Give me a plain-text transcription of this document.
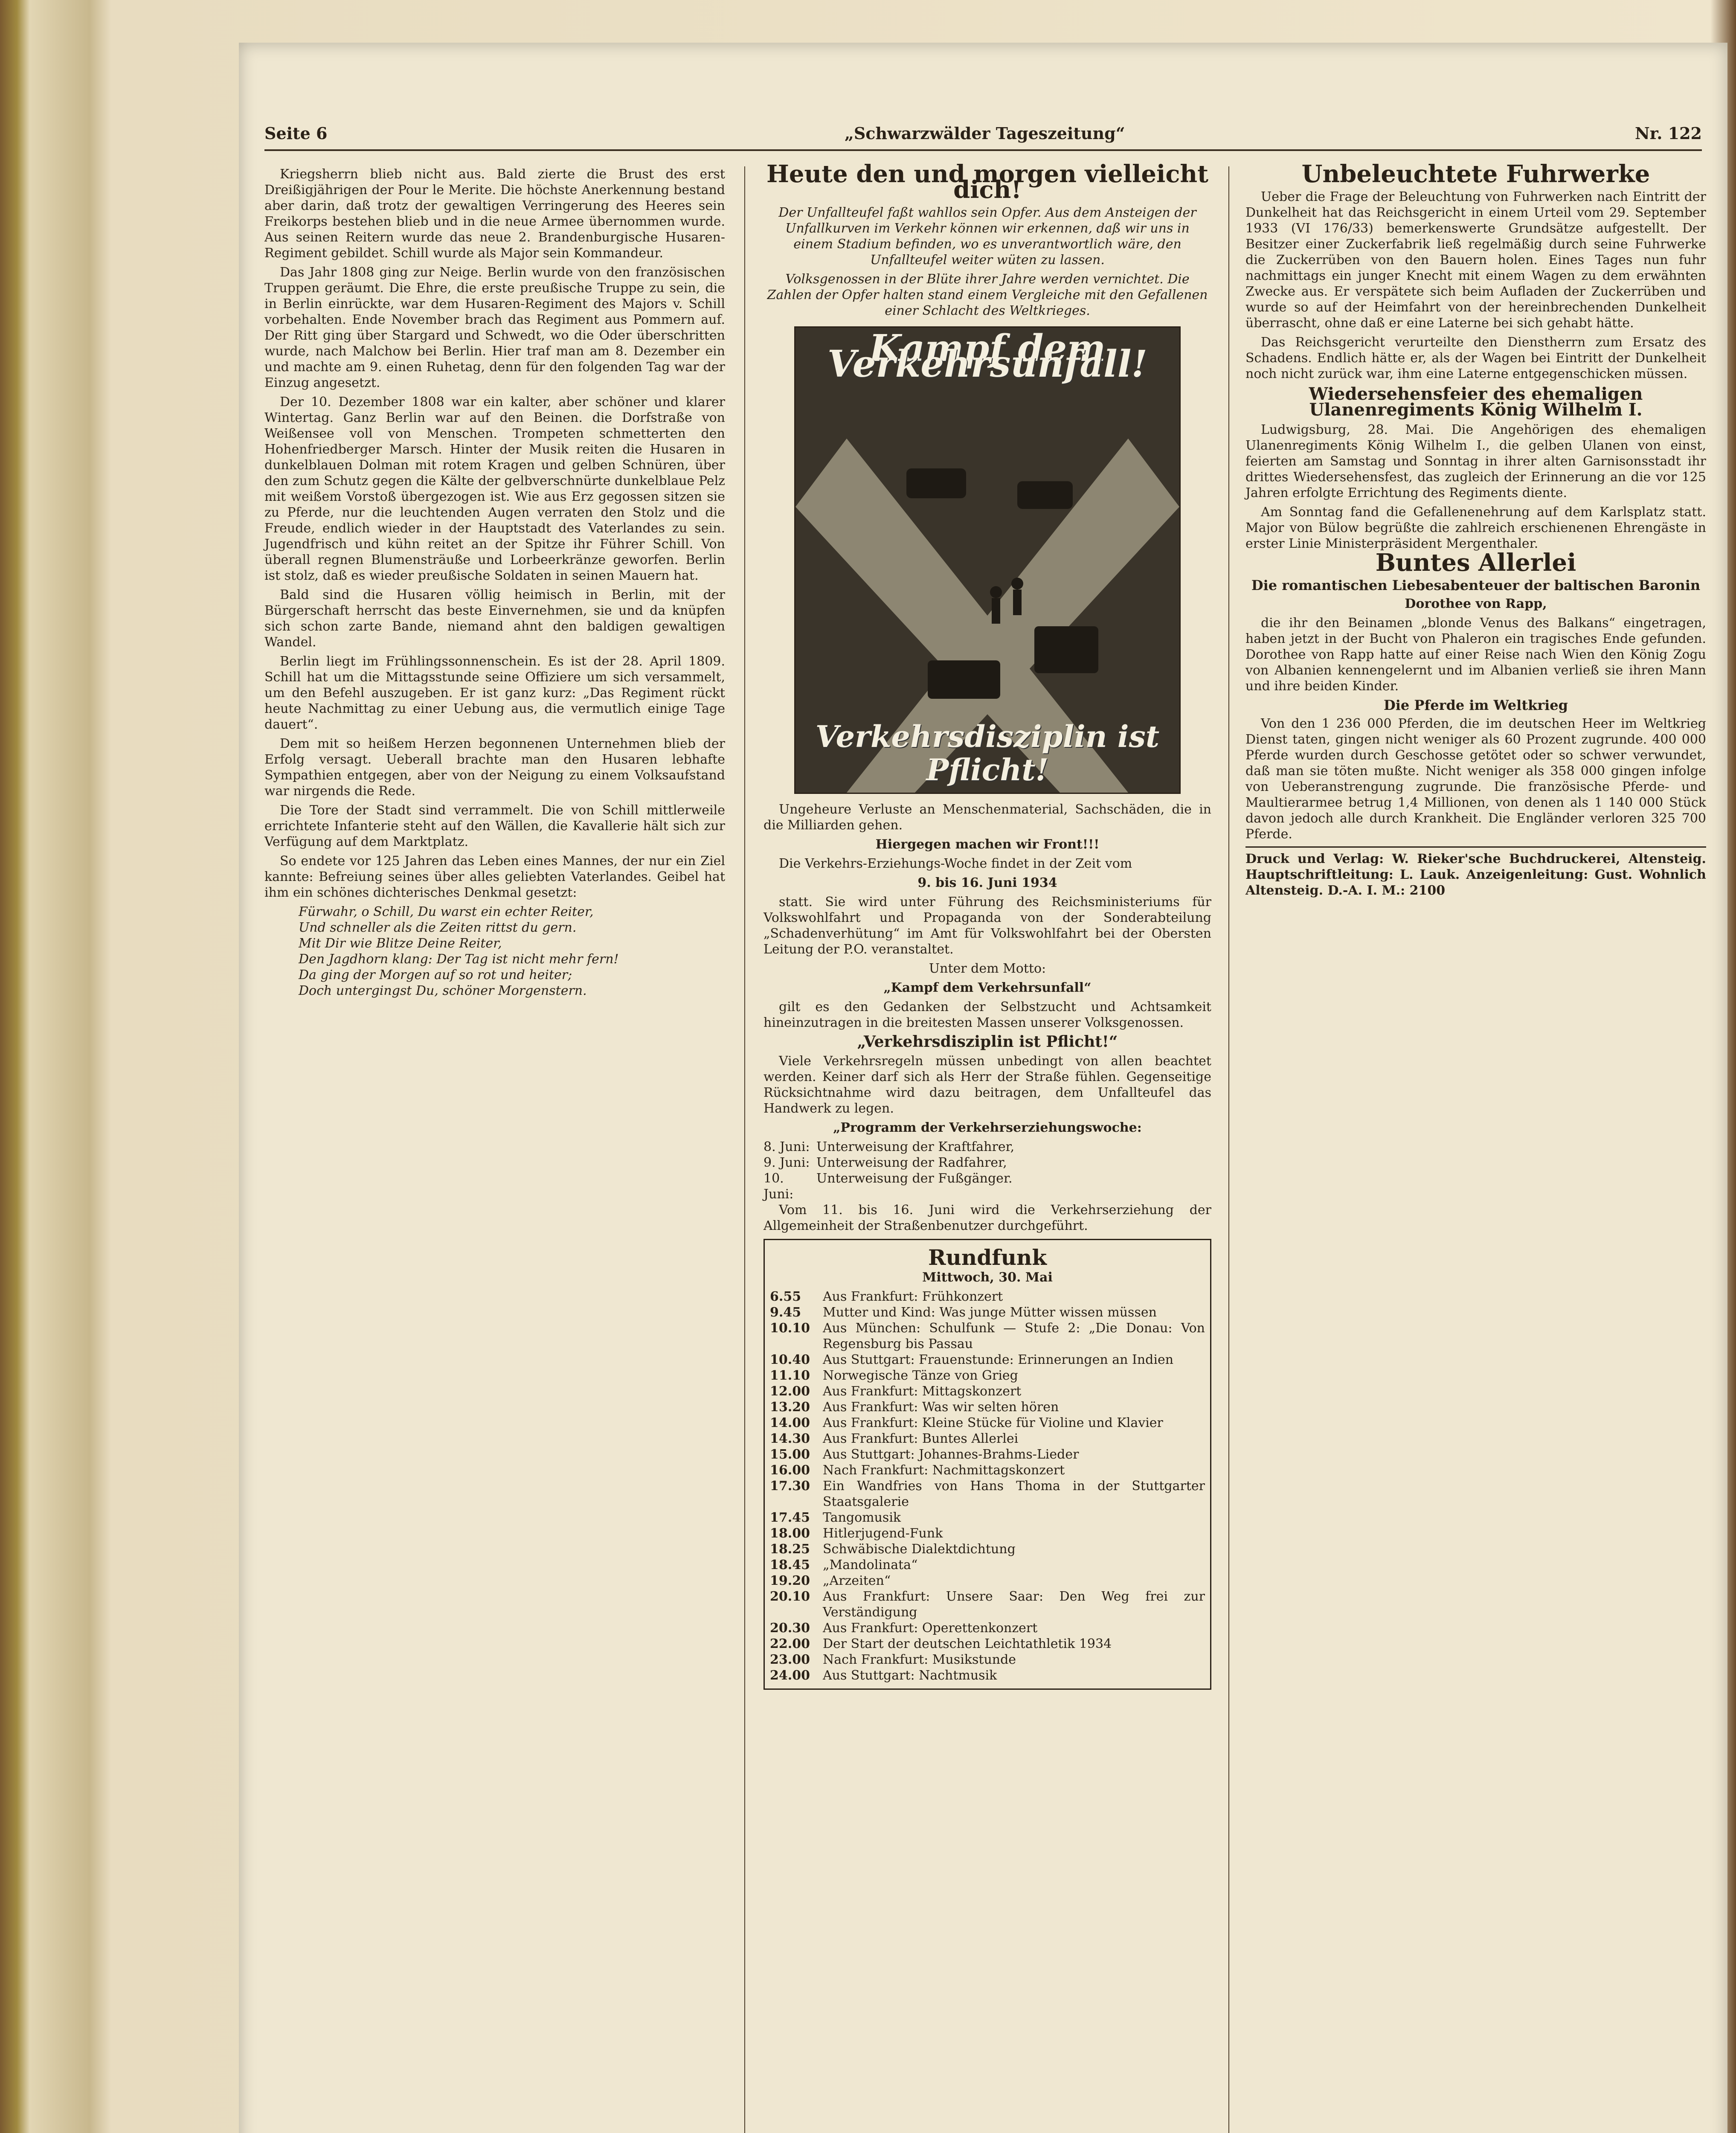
Seite 6	„Schwarzwälder Tageszeitung“	Nr. 122

Kriegsherrn blieb nicht aus. Bald zierte die Brust des erst Dreißigjährigen der Pour le Merite. Die höchste Anerkennung bestand aber darin, daß trotz der gewaltigen Verringerung des Heeres sein Freikorps bestehen blieb und in die neue Armee übernommen wurde. Aus seinen Reitern wurde das neue 2. Brandenburgische Husaren-Regiment gebildet. Schill wurde als Major sein Kommandeur.

Das Jahr 1808 ging zur Neige. Berlin wurde von den französischen Truppen geräumt. Die Ehre, die erste preußische Truppe zu sein, die in Berlin einrückte, war dem Husaren-Regiment des Majors v. Schill vorbehalten. Ende November brach das Regiment aus Pommern auf. Der Ritt ging über Stargard und Schwedt, wo die Oder überschritten wurde, nach Malchow bei Berlin. Hier traf man am 8. Dezember ein und machte am 9. einen Ruhetag, denn für den folgenden Tag war der Einzug angesetzt.

Der 10. Dezember 1808 war ein kalter, aber schöner und klarer Wintertag. Ganz Berlin war auf den Beinen. die Dorfstraße von Weißensee voll von Menschen. Trompeten schmetterten den Hohenfriedberger Marsch. Hinter der Musik reiten die Husaren in dunkelblauen Dolman mit rotem Kragen und gelben Schnüren, über den zum Schutz gegen die Kälte der gelbverschnürte dunkelblaue Pelz mit weißem Vorstoß übergezogen ist. Wie aus Erz gegossen sitzen sie zu Pferde, nur die leuchtenden Augen verraten den Stolz und die Freude, endlich wieder in der Hauptstadt des Vaterlandes zu sein. Jugendfrisch und kühn reitet an der Spitze ihr Führer Schill. Von überall regnen Blumensträuße und Lorbeerkränze geworfen. Berlin ist stolz, daß es wieder preußische Soldaten in seinen Mauern hat.

Bald sind die Husaren völlig heimisch in Berlin, mit der Bürgerschaft herrscht das beste Einvernehmen, sie und da knüpfen sich schon zarte Bande, niemand ahnt den baldigen gewaltigen Wandel.

Berlin liegt im Frühlingssonnenschein. Es ist der 28. April 1809. Schill hat um die Mittagsstunde seine Offiziere um sich versammelt, um den Befehl auszugeben. Er ist ganz kurz: „Das Regiment rückt heute Nachmittag zu einer Uebung aus, die vermutlich einige Tage dauert“.

Dem mit so heißem Herzen begonnenen Unternehmen blieb der Erfolg versagt. Ueberall brachte man den Husaren lebhafte Sympathien entgegen, aber von der Neigung zu einem Volksaufstand war nirgends die Rede.

Die Tore der Stadt sind verrammelt. Die von Schill mittlerweile errichtete Infanterie steht auf den Wällen, die Kavallerie hält sich zur Verfügung auf dem Marktplatz.

So endete vor 125 Jahren das Leben eines Mannes, der nur ein Ziel kannte: Befreiung seines über alles geliebten Vaterlandes. Geibel hat ihm ein schönes dichterisches Denkmal gesetzt:

Fürwahr, o Schill, Du warst ein echter Reiter,
Und schneller als die Zeiten rittst du gern.
Mit Dir wie Blitze Deine Reiter,
Den Jagdhorn klang: Der Tag ist nicht mehr fern!
Da ging der Morgen auf so rot und heiter;
Doch untergingst Du, schöner Morgenstern.
Heute den und morgen vielleicht dich!

Der Unfallteufel faßt wahllos sein Opfer. Aus dem Ansteigen der Unfallkurven im Verkehr können wir erkennen, daß wir uns in einem Stadium befinden, wo es unverantwortlich wäre, den Unfallteufel weiter wüten zu lassen.

Volksgenossen in der Blüte ihrer Jahre werden vernichtet. Die Zahlen der Opfer halten stand einem Vergleiche mit den Gefallenen einer Schlacht des Weltkrieges.

Kampf dem Verkehrsunfall!
Verkehrsdisziplin ist Pflicht!

Ungeheure Verluste an Menschenmaterial, Sachschäden, die in die Milliarden gehen.

Hiergegen machen wir Front!!!

Die Verkehrs-Erziehungs-Woche findet in der Zeit vom

9. bis 16. Juni 1934

statt. Sie wird unter Führung des Reichsministeriums für Volkswohlfahrt und Propaganda von der Sonderabteilung „Schadenverhütung“ im Amt für Volkswohlfahrt bei der Obersten Leitung der P.O. veranstaltet.

Unter dem Motto:

„Kampf dem Verkehrsunfall“

gilt es den Gedanken der Selbstzucht und Achtsamkeit hineinzutragen in die breitesten Massen unserer Volksgenossen.

„Verkehrsdisziplin ist Pflicht!“

Viele Verkehrsregeln müssen unbedingt von allen beachtet werden. Keiner darf sich als Herr der Straße fühlen. Gegenseitige Rücksichtnahme wird dazu beitragen, dem Unfallteufel das Handwerk zu legen.

„Programm der Verkehrserziehungswoche:

8. Juni: Unterweisung der Kraftfahrer,
9. Juni: Unterweisung der Radfahrer,
10. Juni:
Unterweisung der Fußgänger.

Vom 11. bis 16. Juni wird die Verkehrserziehung der Allgemeinheit der Straßenbenutzer durchgeführt.

Rundfunk

Mittwoch, 30. Mai

6.55	Aus Frankfurt: Frühkonzert
9.45	Mutter und Kind: Was junge Mütter wissen müssen
10.10	Aus München: Schulfunk — Stufe 2: „Die Donau: Von Regensburg bis Passau
10.40	Aus Stuttgart: Frauenstunde: Erinnerungen an Indien
11.10	Norwegische Tänze von Grieg
12.00	Aus Frankfurt: Mittagskonzert
13.20	Aus Frankfurt: Was wir selten hören
14.00	Aus Frankfurt: Kleine Stücke für Violine und Klavier
14.30	Aus Frankfurt: Buntes Allerlei
15.00	Aus Stuttgart: Johannes-Brahms-Lieder
16.00	Nach Frankfurt: Nachmittagskonzert
17.30	Ein Wandfries von Hans Thoma in der Stuttgarter Staatsgalerie
17.45	Tangomusik
18.00	Hitlerjugend-Funk
18.25	Schwäbische Dialektdichtung
18.45	„Mandolinata“
19.20	„Arzeiten“
20.10	Aus Frankfurt: Unsere Saar: Den Weg frei zur Verständigung
20.30	Aus Frankfurt: Operettenkonzert
22.00	Der Start der deutschen Leichtathletik 1934
23.00	Nach Frankfurt: Musikstunde
24.00	Aus Stuttgart: Nachtmusik
Unbeleuchtete Fuhrwerke

Ueber die Frage der Beleuchtung von Fuhrwerken nach Eintritt der Dunkelheit hat das Reichsgericht in einem Urteil vom 29. September 1933 (VI 176/33) bemerkenswerte Grundsätze aufgestellt. Der Besitzer einer Zuckerfabrik ließ regelmäßig durch seine Fuhrwerke die Zuckerrüben von den Bauern holen. Eines Tages nun fuhr nachmittags ein junger Knecht mit einem Wagen zu dem erwähnten Zwecke aus. Er verspätete sich beim Aufladen der Zuckerrüben und wurde so auf der Heimfahrt von der hereinbrechenden Dunkelheit überrascht, ohne daß er eine Laterne bei sich gehabt hätte.

Das Reichsgericht verurteilte den Dienstherrn zum Ersatz des Schadens. Endlich hätte er, als der Wagen bei Eintritt der Dunkelheit noch nicht zurück war, ihm eine Laterne entgegenschicken müssen.

Wiedersehensfeier des ehemaligen Ulanenregiments König Wilhelm I.

Ludwigsburg, 28. Mai. Die Angehörigen des ehemaligen Ulanenregiments König Wilhelm I., die gelben Ulanen von einst, feierten am Samstag und Sonntag in ihrer alten Garnisonsstadt ihr drittes Wiedersehensfest, das zugleich der Erinnerung an die vor 125 Jahren erfolgte Errichtung des Regiments diente.

Am Sonntag fand die Gefallenenehrung auf dem Karlsplatz statt. Major von Bülow begrüßte die zahlreich erschienenen Ehrengäste in erster Linie Ministerpräsident Mergenthaler.

Buntes Allerlei
Die romantischen Liebesabenteuer der baltischen Baronin

Dorothee von Rapp,

die ihr den Beinamen „blonde Venus des Balkans“ eingetragen, haben jetzt in der Bucht von Phaleron ein tragisches Ende gefunden. Dorothee von Rapp hatte auf einer Reise nach Wien den König Zogu von Albanien kennengelernt und im Albanien verließ sie ihren Mann und ihre beiden Kinder.

Die Pferde im Weltkrieg

Von den 1 236 000 Pferden, die im deutschen Heer im Weltkrieg Dienst taten, gingen nicht weniger als 60 Prozent zugrunde. 400 000 Pferde wurden durch Geschosse getötet oder so schwer verwundet, daß man sie töten mußte. Nicht weniger als 358 000 gingen infolge von Ueberanstrengung zugrunde. Die französische Pferde- und Maultierarmee betrug 1,4 Millionen, von denen als 1 140 000 Stück davon jedoch alle durch Krankheit. Die Engländer verloren 325 700 Pferde.

Druck und Verlag: W. Rieker'sche Buchdruckerei, Altensteig. Hauptschriftleitung: L. Lauk. Anzeigenleitung: Gust. Wohnlich Altensteig. D.-A. I. M.: 2100
